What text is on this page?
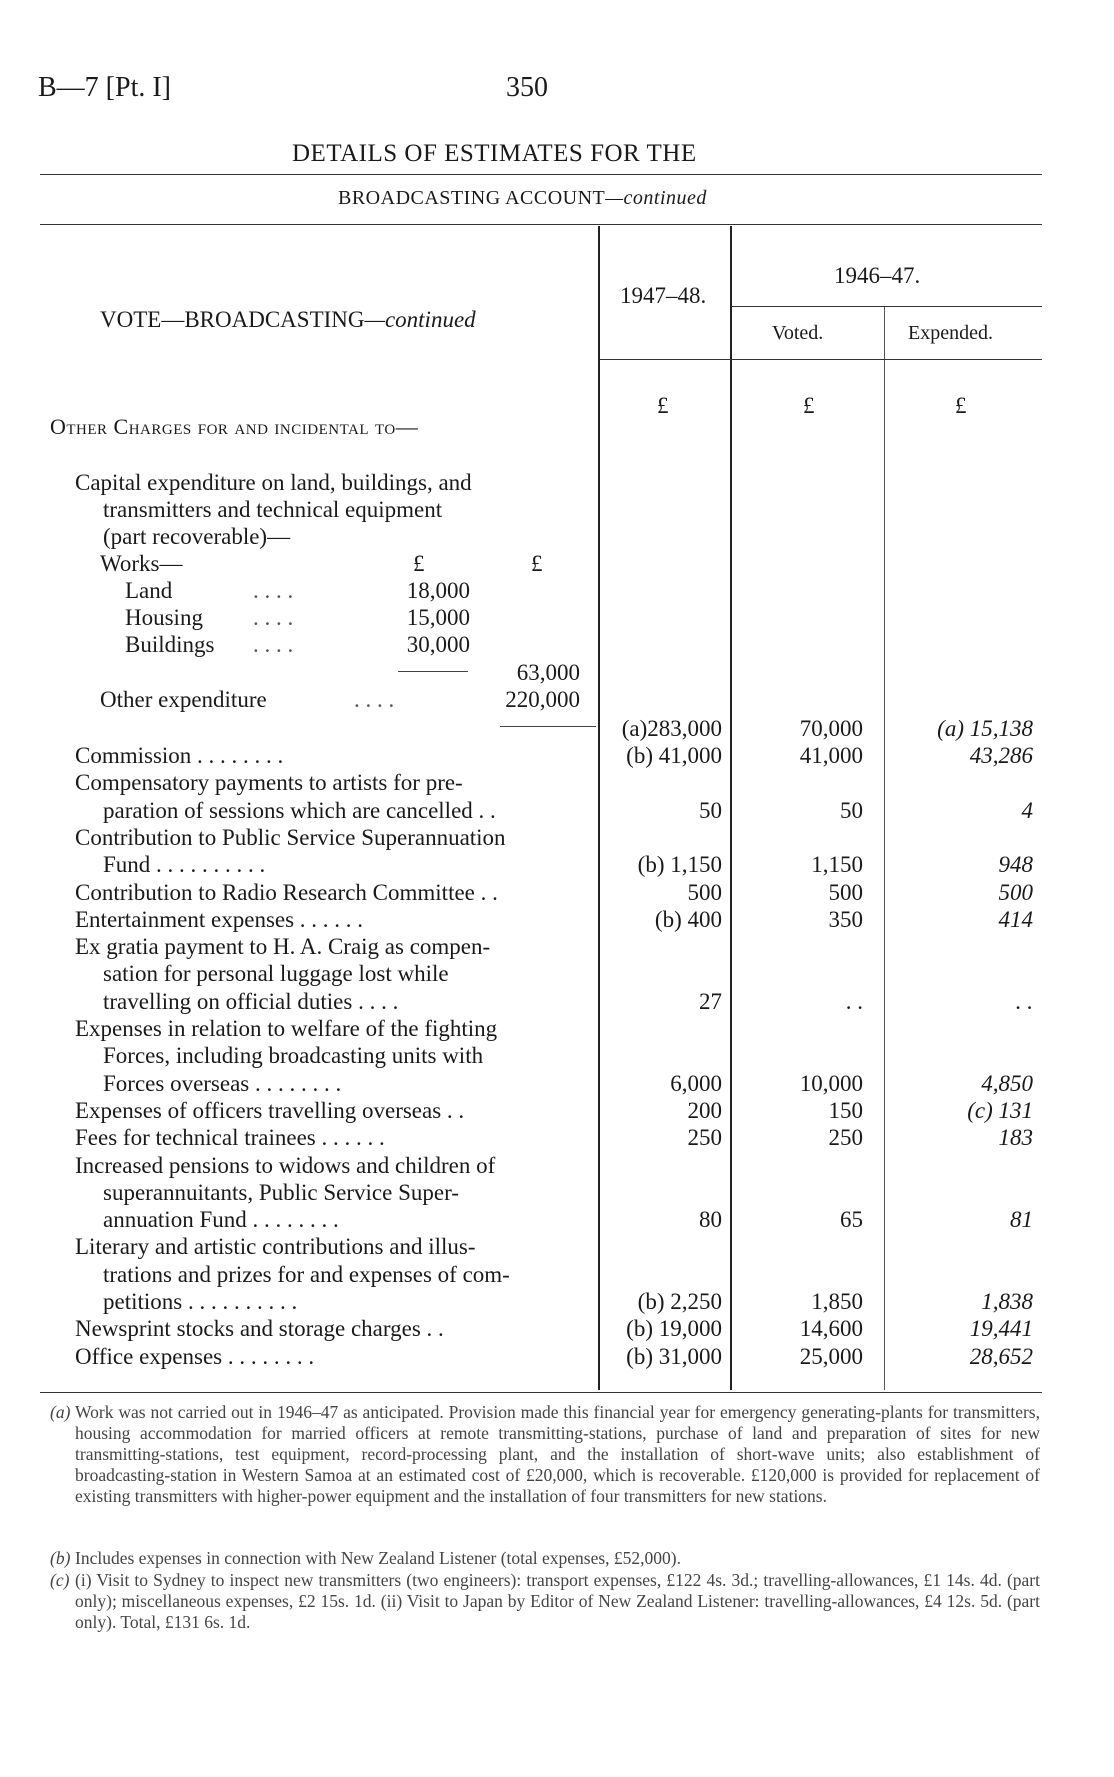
B—7 [Pt. I]	350
DETAILS OF ESTIMATES FOR THE
BROADCASTING ACCOUNT—continued
VOTE—BROADCASTING—continued
1947–48.
1946–47.
Voted.	Expended.
£	£	£
Other Charges for and incidental to—
Capital expenditure on land, buildings, and
transmitters and technical equipment
(part recoverable)—
Works—	£	£
Land	. . . .	18,000
Housing . . . .	15,000
Buildings . . . .	30,000
63,000
Other expenditure	. . . .	220,000
(a)283,000	70,000	(a) 15,138
Commission . . . . . . . .	(b) 41,000	41,000	43,286
Compensatory payments to artists for pre-
paration of sessions which are cancelled . .	50	50	4
Contribution to Public Service Superannuation
Fund . . . . . . . . . .	(b) 1,150	1,150	948
Contribution to Radio Research Committee . .	500	500	500
Entertainment expenses . . . . . .	(b) 400	350	414
Ex gratia payment to H. A. Craig as compen-
sation for personal luggage lost while
travelling on official duties . . . .	27	. .	. .
Expenses in relation to welfare of the fighting
Forces, including broadcasting units with
Forces overseas . . . . . . . .	6,000	10,000	4,850
Expenses of officers travelling overseas . .	200	150	(c) 131
Fees for technical trainees . . . . . .	250	250	183
Increased pensions to widows and children of
superannuitants, Public Service Super-
annuation Fund . . . . . . . .	80	65	81
Literary and artistic contributions and illus-
trations and prizes for and expenses of com-
petitions . . . . . . . . . .	(b) 2,250	1,850	1,838
Newsprint stocks and storage charges . .	(b) 19,000	14,600	19,441
Office expenses . . . . . . . .	(b) 31,000	25,000	28,652
(a) Work was not carried out in 1946–47 as anticipated. Provision made this financial year for emergency generating-plants for transmitters, housing accommodation for married officers at remote transmitting-stations, purchase of land and preparation of sites for new transmitting-stations, test equipment, record-processing plant, and the installation of short-wave units; also establishment of broadcasting-station in Western Samoa at an estimated cost of £20,000, which is recoverable. £120,000 is provided for replacement of existing transmitters with higher-power equipment and the installation of four transmitters for new stations.
(b) Includes expenses in connection with New Zealand Listener (total expenses, £52,000).
(c) (i) Visit to Sydney to inspect new transmitters (two engineers): transport expenses, £122 4s. 3d.; travelling-allowances, £1 14s. 4d. (part only); miscellaneous expenses, £2 15s. 1d. (ii) Visit to Japan by Editor of New Zealand Listener: travelling-allowances, £4 12s. 5d. (part only). Total, £131 6s. 1d.
